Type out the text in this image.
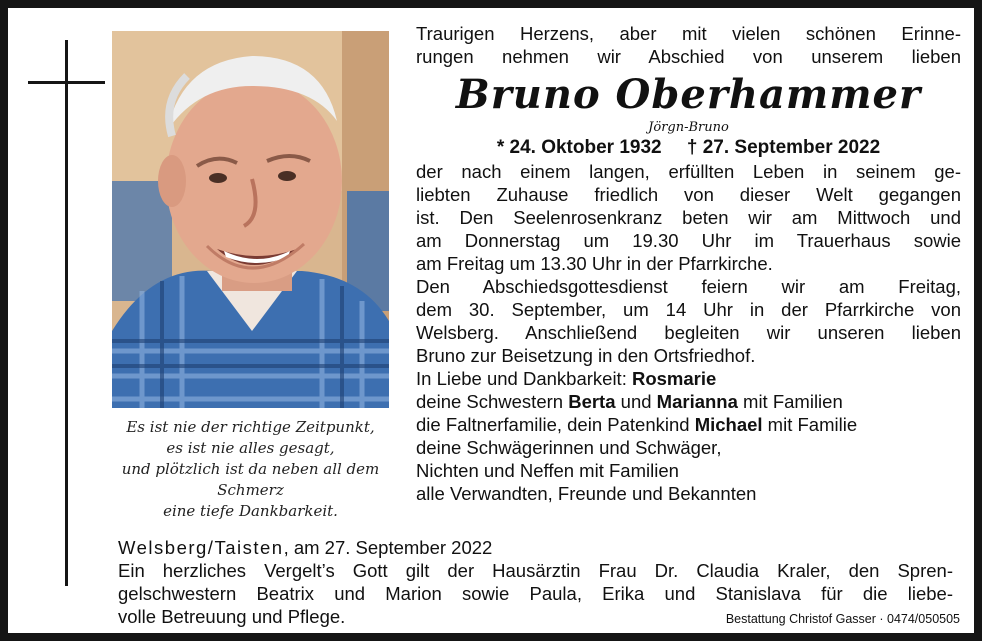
Es ist nie der richtige Zeitpunkt,
es ist nie alles gesagt,
und plötzlich ist da neben all dem
Schmerz
eine tiefe Dankbarkeit.
Traurigen Herzens, aber mit vielen schönen Erinne-
rungen nehmen wir Abschied von unserem lieben
Bruno Oberhammer
Jörgn-Bruno
* 24. Oktober 1932 † 27. September 2022
der nach einem langen, erfüllten Leben in seinem ge-
liebten Zuhause friedlich von dieser Welt gegangen
ist. Den Seelenrosenkranz beten wir am Mittwoch und
am Donnerstag um 19.30 Uhr im Trauerhaus sowie
am Freitag um 13.30 Uhr in der Pfarrkirche.
Den Abschiedsgottesdienst feiern wir am Freitag,
dem 30. September, um 14 Uhr in der Pfarrkirche von
Welsberg. Anschließend begleiten wir unseren lieben
Bruno zur Beisetzung in den Ortsfriedhof.
In Liebe und Dankbarkeit: Rosmarie
deine Schwestern Berta und Marianna mit Familien
die Faltnerfamilie, dein Patenkind Michael mit Familie
deine Schwägerinnen und Schwäger,
Nichten und Neffen mit Familien
alle Verwandten, Freunde und Bekannten
Welsberg/Taisten, am 27. September 2022
Ein herzliches Vergelt’s Gott gilt der Hausärztin Frau Dr. Claudia Kraler, den Spren-
gelschwestern Beatrix und Marion sowie Paula, Erika und Stanislava für die liebe-
volle Betreuung und Pflege.	Bestattung Christof Gasser · 0474/050505
